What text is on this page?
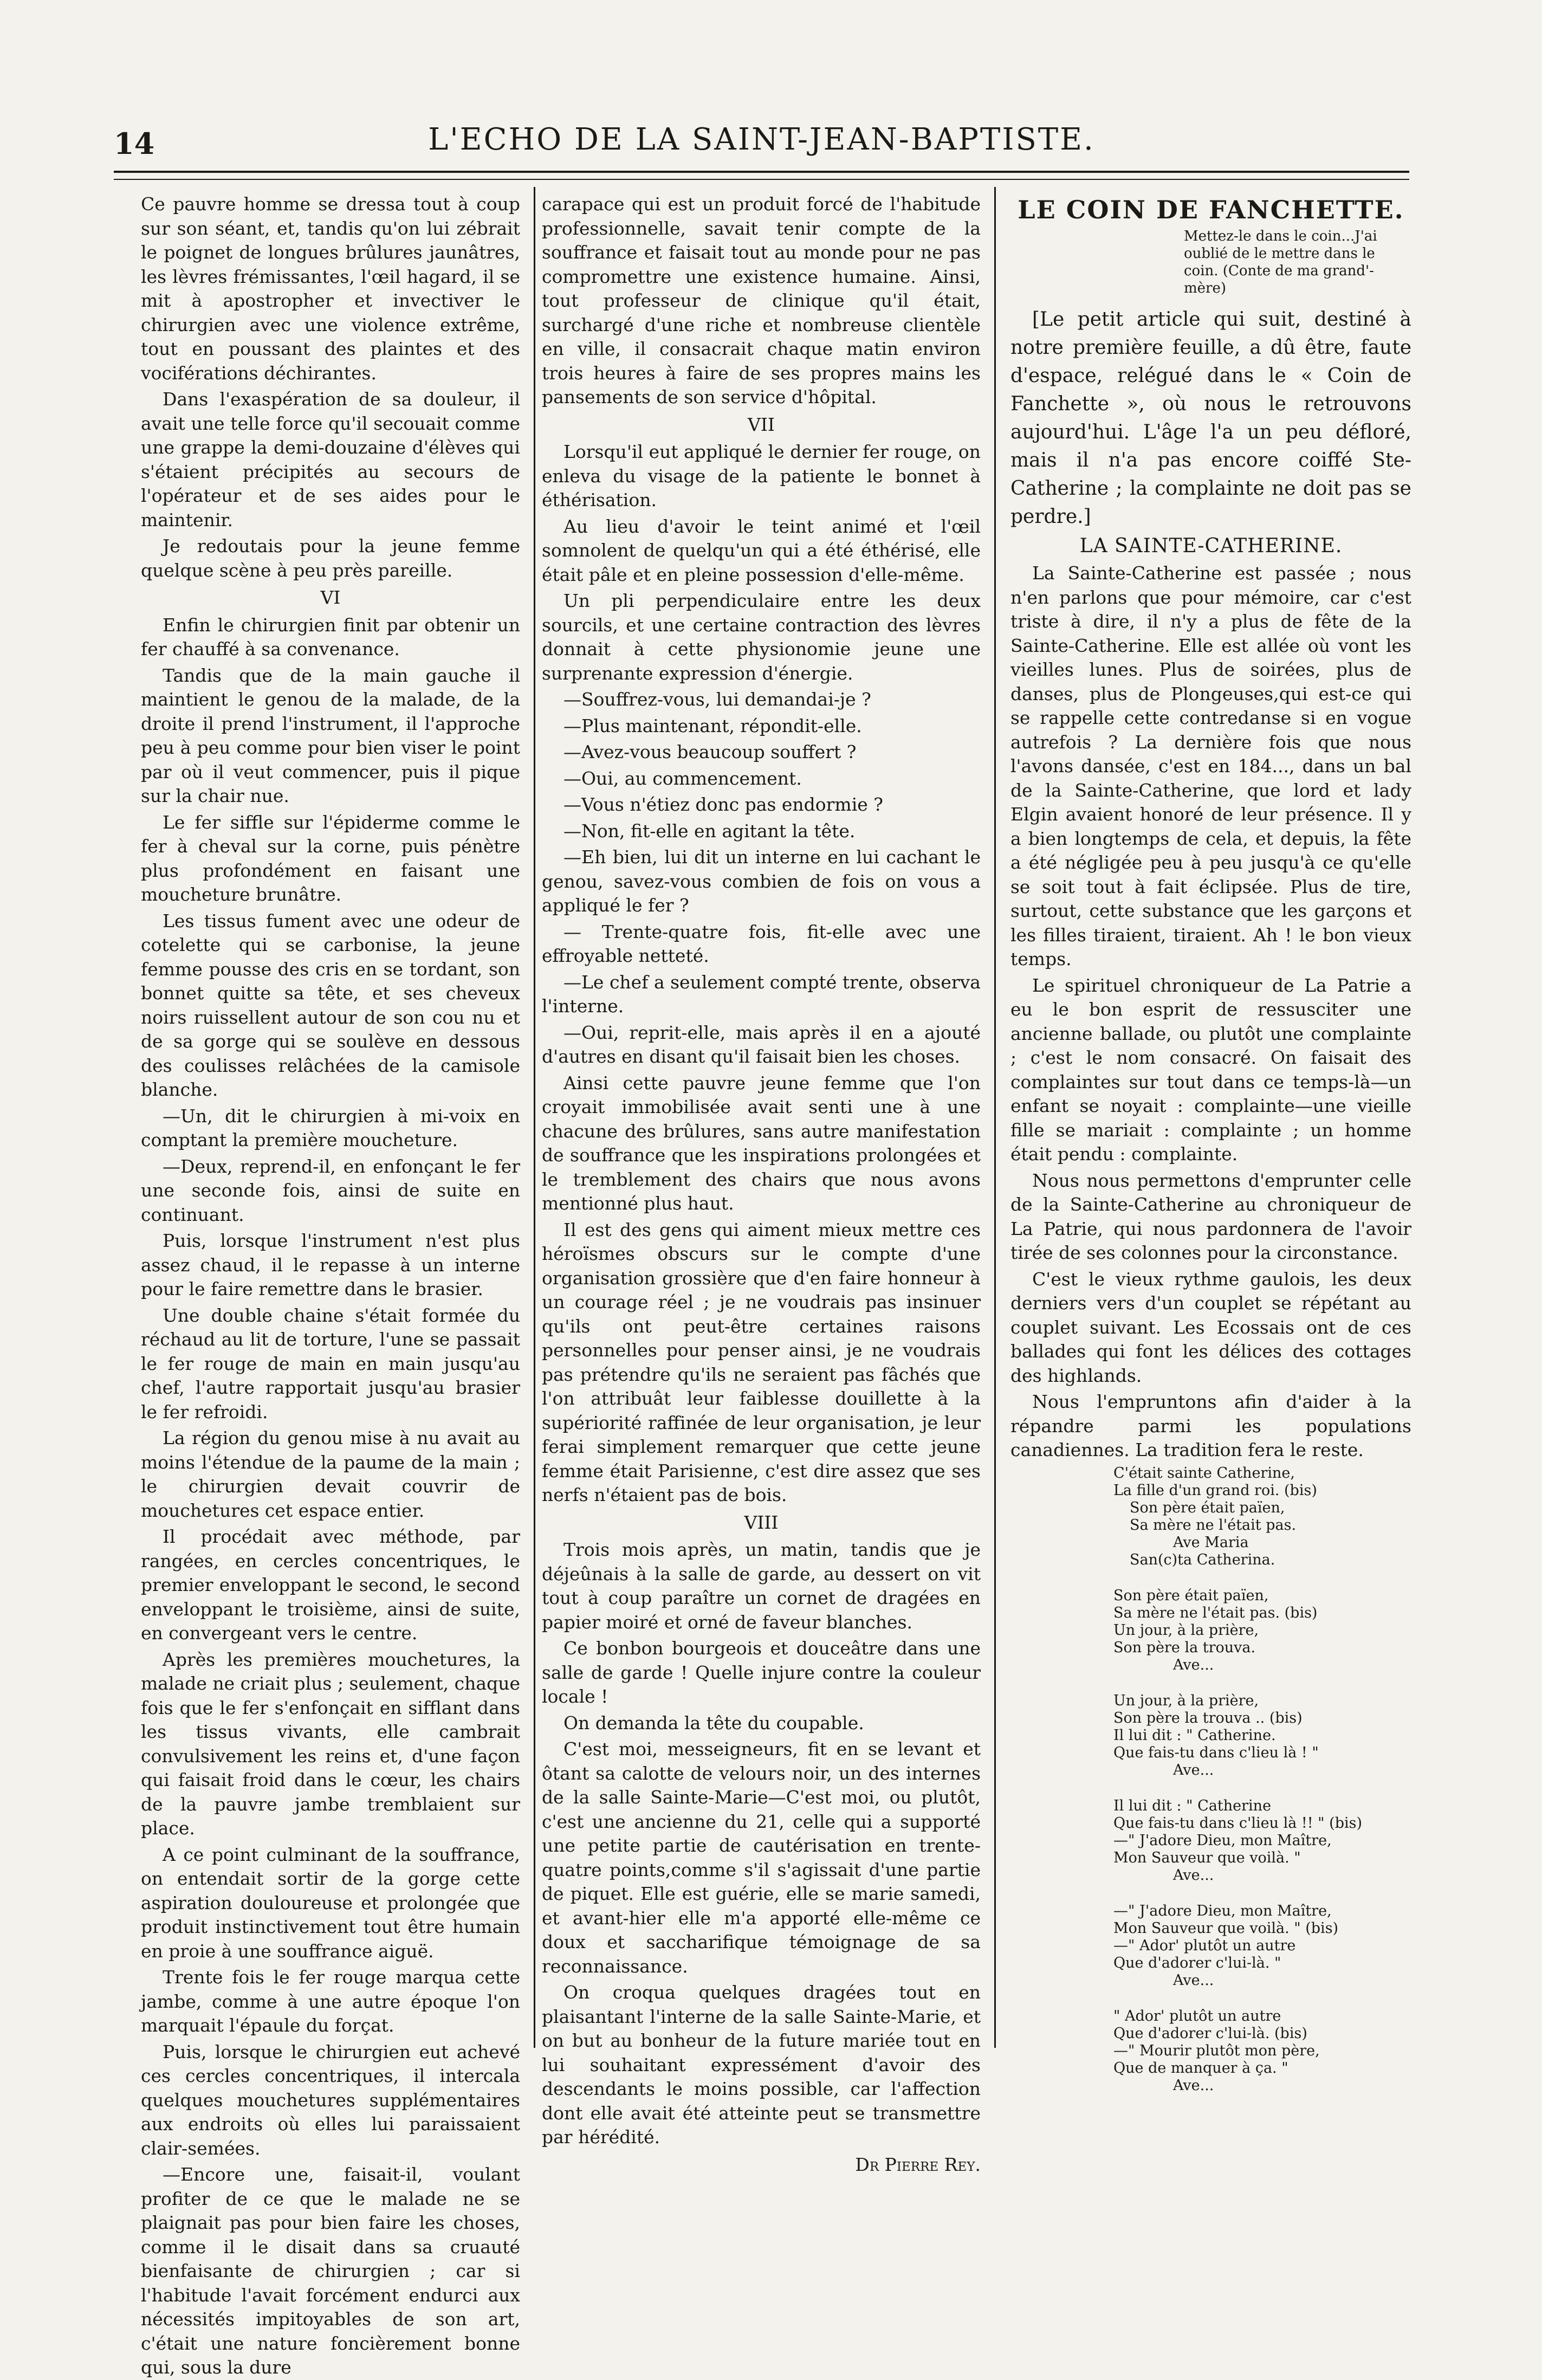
14	L'ECHO DE LA SAINT-JEAN-BAPTISTE.

Ce pauvre homme se dressa tout à coup sur son séant, et, tandis qu'on lui zébrait le poignet de longues brûlures jaunâtres, les lèvres frémissantes, l'œil hagard, il se mit à apostropher et invectiver le chirurgien avec une violence extrême, tout en poussant des plaintes et des vociférations déchirantes.

Dans l'exaspération de sa douleur, il avait une telle force qu'il secouait comme une grappe la demi-douzaine d'élèves qui s'étaient précipités au secours de l'opérateur et de ses aides pour le maintenir.

Je redoutais pour la jeune femme quelque scène à peu près pareille.

VI

Enfin le chirurgien finit par obtenir un fer chauffé à sa convenance.

Tandis que de la main gauche il maintient le genou de la malade, de la droite il prend l'instrument, il l'approche peu à peu comme pour bien viser le point par où il veut commencer, puis il pique sur la chair nue.

Le fer siffle sur l'épiderme comme le fer à cheval sur la corne, puis pénètre plus profondément en faisant une moucheture brunâtre.

Les tissus fument avec une odeur de cotelette qui se carbonise, la jeune femme pousse des cris en se tordant, son bonnet quitte sa tête, et ses cheveux noirs ruissellent autour de son cou nu et de sa gorge qui se soulève en dessous des coulisses relâchées de la camisole blanche.

—Un, dit le chirurgien à mi-voix en comptant la première moucheture.

—Deux, reprend-il, en enfonçant le fer une seconde fois, ainsi de suite en continuant.

Puis, lorsque l'instrument n'est plus assez chaud, il le repasse à un interne pour le faire remettre dans le brasier.

Une double chaine s'était formée du réchaud au lit de torture, l'une se passait le fer rouge de main en main jusqu'au chef, l'autre rapportait jusqu'au brasier le fer refroidi.

La région du genou mise à nu avait au moins l'étendue de la paume de la main ; le chirurgien devait couvrir de mouchetures cet espace entier.

Il procédait avec méthode, par rangées, en cercles concentriques, le premier enveloppant le second, le second enveloppant le troisième, ainsi de suite, en convergeant vers le centre.

Après les premières mouchetures, la malade ne criait plus ; seulement, chaque fois que le fer s'enfonçait en sifflant dans les tissus vivants, elle cambrait convulsivement les reins et, d'une façon qui faisait froid dans le cœur, les chairs de la pauvre jambe tremblaient sur place.

A ce point culminant de la souffrance, on entendait sortir de la gorge cette aspiration douloureuse et prolongée que produit instinctivement tout être humain en proie à une souffrance aiguë.

Trente fois le fer rouge marqua cette jambe, comme à une autre époque l'on marquait l'épaule du forçat.

Puis, lorsque le chirurgien eut achevé ces cercles concentriques, il intercala quelques mouchetures supplémentaires aux endroits où elles lui paraissaient clair-semées.

—Encore une, faisait-il, voulant profiter de ce que le malade ne se plaignait pas pour bien faire les choses, comme il le disait dans sa cruauté bienfaisante de chirurgien ; car si l'habitude l'avait forcément endurci aux nécessités impitoyables de son art, c'était une nature foncièrement bonne qui, sous la dure

carapace qui est un produit forcé de l'habitude professionnelle, savait tenir compte de la souffrance et faisait tout au monde pour ne pas compromettre une existence humaine. Ainsi, tout professeur de clinique qu'il était, surchargé d'une riche et nombreuse clientèle en ville, il consacrait chaque matin environ trois heures à faire de ses propres mains les pansements de son service d'hôpital.

VII

Lorsqu'il eut appliqué le dernier fer rouge, on enleva du visage de la patiente le bonnet à éthérisation.

Au lieu d'avoir le teint animé et l'œil somnolent de quelqu'un qui a été éthérisé, elle était pâle et en pleine possession d'elle-même.

Un pli perpendiculaire entre les deux sourcils, et une certaine contraction des lèvres donnait à cette physionomie jeune une surprenante expression d'énergie.

—Souffrez-vous, lui demandai-je ?

—Plus maintenant, répondit-elle.

—Avez-vous beaucoup souffert ?

—Oui, au commencement.

—Vous n'étiez donc pas endormie ?

—Non, fit-elle en agitant la tête.

—Eh bien, lui dit un interne en lui cachant le genou, savez-vous combien de fois on vous a appliqué le fer ?

— Trente-quatre fois, fit-elle avec une effroyable netteté.

—Le chef a seulement compté trente, observa l'interne.

—Oui, reprit-elle, mais après il en a ajouté d'autres en disant qu'il faisait bien les choses.

Ainsi cette pauvre jeune femme que l'on croyait immobilisée avait senti une à une chacune des brûlures, sans autre manifestation de souffrance que les inspirations prolongées et le tremblement des chairs que nous avons mentionné plus haut.

Il est des gens qui aiment mieux mettre ces héroïsmes obscurs sur le compte d'une organisation grossière que d'en faire honneur à un courage réel ; je ne voudrais pas insinuer qu'ils ont peut-être certaines raisons personnelles pour penser ainsi, je ne voudrais pas prétendre qu'ils ne seraient pas fâchés que l'on attribuât leur faiblesse douillette à la supériorité raffinée de leur organisation, je leur ferai simplement remarquer que cette jeune femme était Parisienne, c'est dire assez que ses nerfs n'étaient pas de bois.

VIII

Trois mois après, un matin, tandis que je déjeûnais à la salle de garde, au dessert on vit tout à coup paraître un cornet de dragées en papier moiré et orné de faveur blanches.

Ce bonbon bourgeois et douceâtre dans une salle de garde ! Quelle injure contre la couleur locale !

On demanda la tête du coupable.

C'est moi, messeigneurs, fit en se levant et ôtant sa calotte de velours noir, un des internes de la salle Sainte-Marie—C'est moi, ou plutôt, c'est une ancienne du 21, celle qui a supporté une petite partie de cautérisation en trente-quatre points,comme s'il s'agissait d'une partie de piquet. Elle est guérie, elle se marie samedi, et avant-hier elle m'a apporté elle-même ce doux et saccharifique témoignage de sa reconnaissance.

On croqua quelques dragées tout en plaisantant l'interne de la salle Sainte-Marie, et on but au bonheur de la future mariée tout en lui souhaitant expressément d'avoir des descendants le moins possible, car l'affection dont elle avait été atteinte peut se transmettre par hérédité.

Dr Pierre Rey.
LE COIN DE FANCHETTE.
Mettez-le dans le coin...J'ai oublié de le mettre dans le coin. (Conte de ma grand'-mère)

[Le petit article qui suit, destiné à notre première feuille, a dû être, faute d'espace, relégué dans le « Coin de Fanchette », où nous le retrouvons aujourd'hui. L'âge l'a un peu défloré, mais il n'a pas encore coiffé Ste-Catherine ; la complainte ne doit pas se perdre.]

LA SAINTE-CATHERINE.

La Sainte-Catherine est passée ; nous n'en parlons que pour mémoire, car c'est triste à dire, il n'y a plus de fête de la Sainte-Catherine. Elle est allée où vont les vieilles lunes. Plus de soirées, plus de danses, plus de Plongeuses,qui est-ce qui se rappelle cette contredanse si en vogue autrefois ? La dernière fois que nous l'avons dansée, c'est en 184..., dans un bal de la Sainte-Catherine, que lord et lady Elgin avaient honoré de leur présence. Il y a bien longtemps de cela, et depuis, la fête a été négligée peu à peu jusqu'à ce qu'elle se soit tout à fait éclipsée. Plus de tire, surtout, cette substance que les garçons et les filles tiraient, tiraient. Ah ! le bon vieux temps.

Le spirituel chroniqueur de La Patrie a eu le bon esprit de ressusciter une ancienne ballade, ou plutôt une complainte ; c'est le nom consacré. On faisait des complaintes sur tout dans ce temps-là—un enfant se noyait : complainte—une vieille fille se mariait : complainte ; un homme était pendu : complainte.

Nous nous permettons d'emprunter celle de la Sainte-Catherine au chroniqueur de La Patrie, qui nous pardonnera de l'avoir tirée de ses colonnes pour la circonstance.

C'est le vieux rythme gaulois, les deux derniers vers d'un couplet se répétant au couplet suivant. Les Ecossais ont de ces ballades qui font les délices des cottages des highlands.

Nous l'empruntons afin d'aider à la répandre parmi les populations canadiennes. La tradition fera le reste.

C'était sainte Catherine,
La fille d'un grand roi. (bis)
Son père était païen,
Sa mère ne l'était pas.
Ave Maria
San(c)ta Catherina.
Son père était païen,
Sa mère ne l'était pas. (bis)
Un jour, à la prière,
Son père la trouva.
Ave...
Un jour, à la prière,
Son père la trouva .. (bis)
Il lui dit : " Catherine.
Que fais-tu dans c'lieu là ! "
Ave...
Il lui dit : " Catherine
Que fais-tu dans c'lieu là !! " (bis)
—" J'adore Dieu, mon Maître,
Mon Sauveur que voilà. "
Ave...
—" J'adore Dieu, mon Maître,
Mon Sauveur que voilà. " (bis)
—" Ador' plutôt un autre
Que d'adorer c'lui-là. "
Ave...
" Ador' plutôt un autre
Que d'adorer c'lui-là. (bis)
—" Mourir plutôt mon père,
Que de manquer à ça. "
Ave...
